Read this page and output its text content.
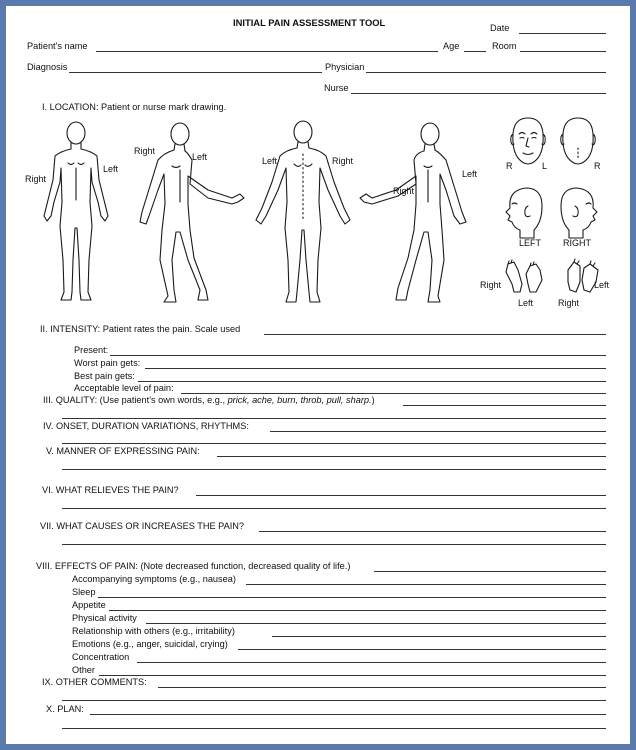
INITIAL PAIN ASSESSMENT TOOL	Date
Patient's name	Age	Room
Diagnosis	Physician
Nurse
I. LOCATION: Patient or nurse mark drawing.
Right
Left
Right
Left	Left	Right
Right
Left
R	L	R
LEFT RIGHT
Right
Left	Right
Left
II. INTENSITY: Patient rates the pain. Scale used
Present:
Worst pain gets:
Best pain gets:
Acceptable level of pain:
III. QUALITY: (Use patient's own words, e.g., prick, ache, burn, throb, pull, sharp.)
IV. ONSET, DURATION VARIATIONS, RHYTHMS:
V. MANNER OF EXPRESSING PAIN:
VI. WHAT RELIEVES THE PAIN?
VII. WHAT CAUSES OR INCREASES THE PAIN?
VIII. EFFECTS OF PAIN: (Note decreased function, decreased quality of life.)
Accompanying symptoms (e.g., nausea)
Sleep
Appetite
Physical activity
Relationship with others (e.g., irritability)
Emotions (e.g., anger, suicidal, crying)
Concentration
Other
IX. OTHER COMMENTS:
X. PLAN:
